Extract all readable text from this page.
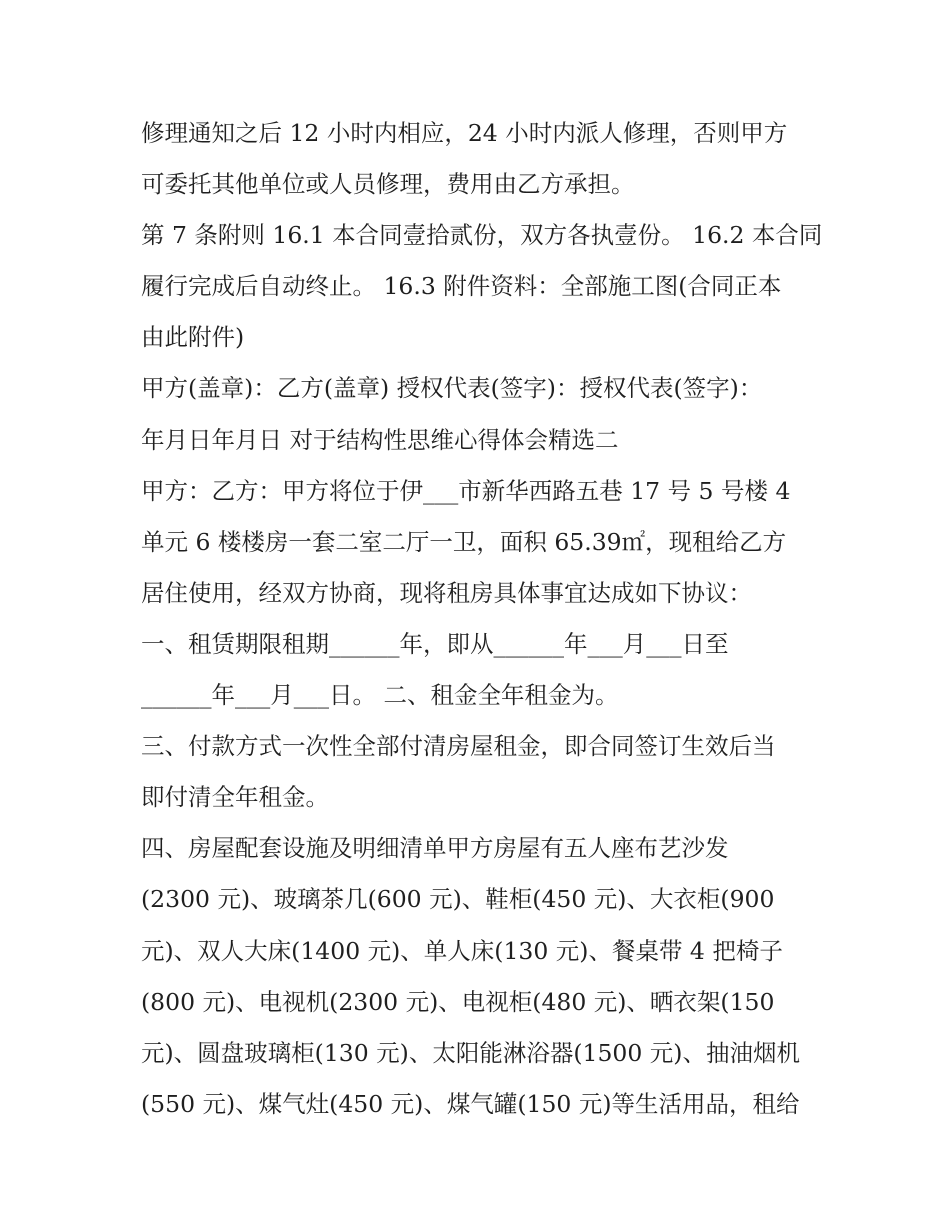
修理通知之后 12 小时内相应，24 小时内派人修理，否则甲方
可委托其他单位或人员修理，费用由乙方承担。
第 7 条附则 16.1 本合同壹拾贰份，双方各执壹份。 16.2 本合同
履行完成后自动终止。 16.3 附件资料：全部施工图(合同正本
由此附件)
甲方(盖章)：乙方(盖章) 授权代表(签字)：授权代表(签字)：
年月日年月日 对于结构性思维心得体会精选二
甲方：乙方：甲方将位于伊___市新华西路五巷 17 号 5 号楼 4
单元 6 楼楼房一套二室二厅一卫，面积 65.39㎡，现租给乙方
居住使用，经双方协商，现将租房具体事宜达成如下协议：
一、租赁期限租期______年，即从______年___月___日至
______年___月___日。 二、租金全年租金为。
三、付款方式一次性全部付清房屋租金，即合同签订生效后当
即付清全年租金。
四、房屋配套设施及明细清单甲方房屋有五人座布艺沙发
(2300 元)、玻璃茶几(600 元)、鞋柜(450 元)、大衣柜(900
元)、双人大床(1400 元)、单人床(130 元)、餐桌带 4 把椅子
(800 元)、电视机(2300 元)、电视柜(480 元)、晒衣架(150
元)、圆盘玻璃柜(130 元)、太阳能淋浴器(1500 元)、抽油烟机
(550 元)、煤气灶(450 元)、煤气罐(150 元)等生活用品，租给
